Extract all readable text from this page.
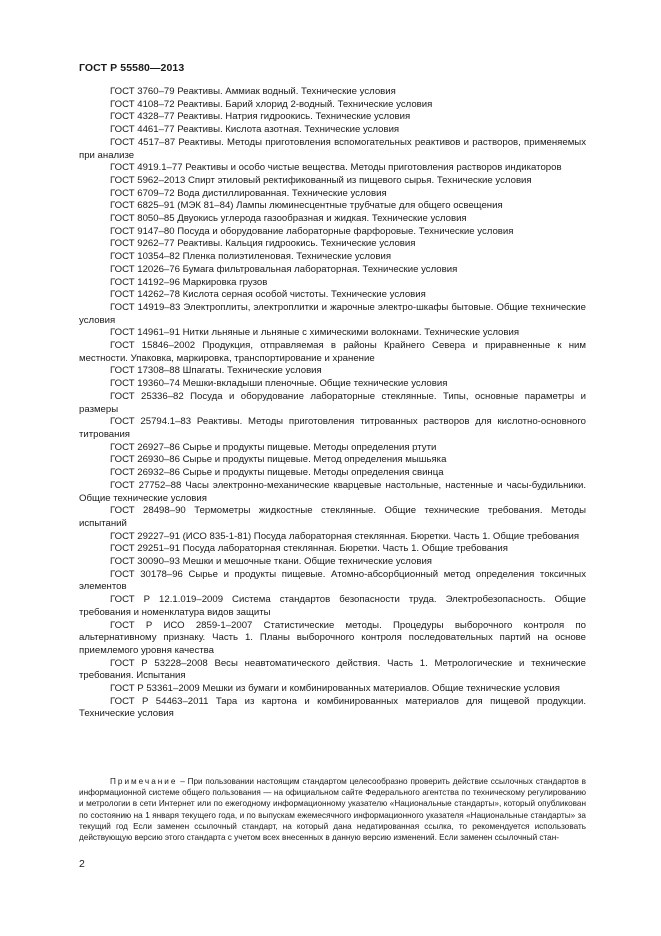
ГОСТ Р 55580—2013

ГОСТ 3760–79 Реактивы. Аммиак водный. Технические условия

ГОСТ 4108–72 Реактивы. Барий хлорид 2-водный. Технические условия

ГОСТ 4328–77 Реактивы. Натрия гидроокись. Технические условия

ГОСТ 4461–77 Реактивы. Кислота азотная. Технические условия

ГОСТ 4517–87 Реактивы. Методы приготовления вспомогательных реактивов и растворов, применяемых при анализе

ГОСТ 4919.1–77 Реактивы и особо чистые вещества. Методы приготовления растворов индикаторов

ГОСТ 5962–2013 Спирт этиловый ректификованный из пищевого сырья. Технические условия

ГОСТ 6709–72 Вода дистиллированная. Технические условия

ГОСТ 6825–91 (МЭК 81–84) Лампы люминесцентные трубчатые для общего освещения

ГОСТ 8050–85 Двуокись углерода газообразная и жидкая. Технические условия

ГОСТ 9147–80 Посуда и оборудование лабораторные фарфоровые. Технические условия

ГОСТ 9262–77 Реактивы. Кальция гидроокись. Технические условия

ГОСТ 10354–82 Пленка полиэтиленовая. Технические условия

ГОСТ 12026–76 Бумага фильтровальная лабораторная. Технические условия

ГОСТ 14192–96 Маркировка грузов

ГОСТ 14262–78 Кислота серная особой чистоты. Технические условия

ГОСТ 14919–83 Электроплиты, электроплитки и жарочные электро-шкафы бытовые. Общие технические условия

ГОСТ 14961–91 Нитки льняные и льняные с химическими волокнами. Технические условия

ГОСТ 15846–2002 Продукция, отправляемая в районы Крайнего Севера и приравненные к ним местности. Упаковка, маркировка, транспортирование и хранение

ГОСТ 17308–88 Шпагаты. Технические условия

ГОСТ 19360–74 Мешки-вкладыши пленочные. Общие технические условия

ГОСТ 25336–82 Посуда и оборудование лабораторные стеклянные. Типы, основные параметры и размеры

ГОСТ 25794.1–83 Реактивы. Методы приготовления титрованных растворов для кислотно-основного титрования

ГОСТ 26927–86 Сырье и продукты пищевые. Методы определения ртути

ГОСТ 26930–86 Сырье и продукты пищевые. Метод определения мышьяка

ГОСТ 26932–86 Сырье и продукты пищевые. Методы определения свинца

ГОСТ 27752–88 Часы электронно-механические кварцевые настольные, настенные и часы-будильники. Общие технические условия

ГОСТ 28498–90 Термометры жидкостные стеклянные. Общие технические требования. Методы испытаний

ГОСТ 29227–91 (ИСО 835-1-81) Посуда лабораторная стеклянная. Бюретки. Часть 1. Общие требования

ГОСТ 29251–91 Посуда лабораторная стеклянная. Бюретки. Часть 1. Общие требования

ГОСТ 30090–93 Мешки и мешочные ткани. Общие технические условия

ГОСТ 30178–96 Сырье и продукты пищевые. Атомно-абсорбционный метод определения токсичных элементов

ГОСТ Р 12.1.019–2009 Система стандартов безопасности труда. Электробезопасность. Общие требования и номенклатура видов защиты

ГОСТ Р ИСО 2859-1–2007 Статистические методы. Процедуры выборочного контроля по альтернативному признаку. Часть 1. Планы выборочного контроля последовательных партий на основе приемлемого уровня качества

ГОСТ Р 53228–2008 Весы неавтоматического действия. Часть 1. Метрологические и технические требования. Испытания

ГОСТ Р 53361–2009 Мешки из бумаги и комбинированных материалов. Общие технические условия

ГОСТ Р 54463–2011 Тара из картона и комбинированных материалов для пищевой продукции. Технические условия

Примечание – При пользовании настоящим стандартом целесообразно проверить действие ссылочных стандартов в информационной системе общего пользования — на официальном сайте Федерального агентства по техническому регулированию и метрологии в сети Интернет или по ежегодному информационному указателю «Национальные стандарты», который опубликован по состоянию на 1 января текущего года, и по выпускам ежемесячного информационного указателя «Национальные стандарты» за текущий год Если заменен ссылочный стандарт, на который дана недатированная ссылка, то рекомендуется использовать действующую версию этого стандарта с учетом всех внесенных в данную версию изменений. Если заменен ссылочный стан-
2
